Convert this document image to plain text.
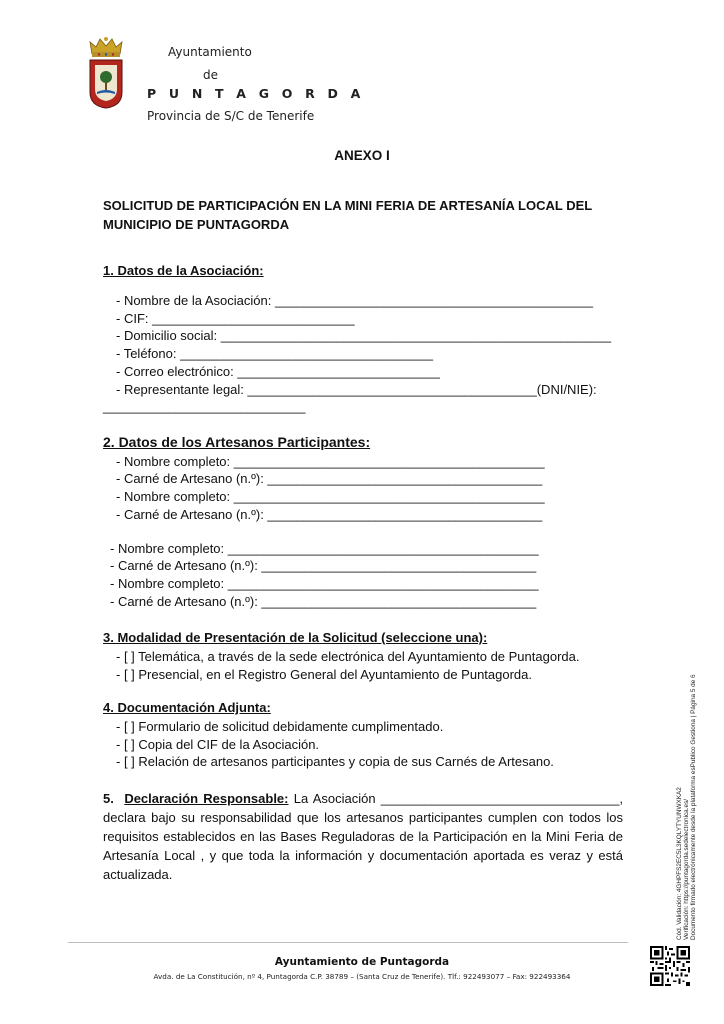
Ayuntamiento
de
P U N T A G O R D A
Provincia de S/C de Tenerife
ANEXO I
SOLICITUD DE PARTICIPACIÓN EN LA MINI FERIA DE ARTESANÍA LOCAL DEL MUNICIPIO DE PUNTAGORDA
1. Datos de la Asociación:
- Nombre de la Asociación: ____________________________________________
- CIF: ____________________________
- Domicilio social: ______________________________________________________
- Teléfono: ___________________________________
- Correo electrónico: ____________________________
- Representante legal: ________________________________________(DNI/NIE):
____________________________
2. Datos de los Artesanos Participantes:
- Nombre completo: ___________________________________________
- Carné de Artesano (n.º): ______________________________________
- Nombre completo: ___________________________________________
- Carné de Artesano (n.º): ______________________________________
- Nombre completo: ___________________________________________
- Carné de Artesano (n.º): ______________________________________
- Nombre completo: ___________________________________________
- Carné de Artesano (n.º): ______________________________________
3. Modalidad de Presentación de la Solicitud (seleccione una):
- [ ] Telemática, a través de la sede electrónica del Ayuntamiento de Puntagorda.
- [ ] Presencial, en el Registro General del Ayuntamiento de Puntagorda.
4. Documentación Adjunta:
- [ ] Formulario de solicitud debidamente cumplimentado.
- [ ] Copia del CIF de la Asociación.
- [ ] Relación de artesanos participantes y copia de sus Carnés de Artesano.
5. Declaración Responsable: La Asociación _________________________________, declara bajo su responsabilidad que los artesanos participantes cumplen con todos los requisitos establecidos en las Bases Reguladoras de la Participación en la Mini Feria de Artesanía Local , y que toda la información y documentación aportada es veraz y está actualizada.	Cód. Validación: 4GHPFS2EC5L3KQLYTYUNWXKA2 Verificación: https://puntagorda.sedelectronica.es/ Documento firmado electrónicamente desde la plataforma esPublico Gestiona | Página 5 de 6
Ayuntamiento de Puntagorda
Avda. de La Constitución, nº 4, Puntagorda C.P. 38789 – (Santa Cruz de Tenerife). Tlf.: 922493077 – Fax: 922493364
